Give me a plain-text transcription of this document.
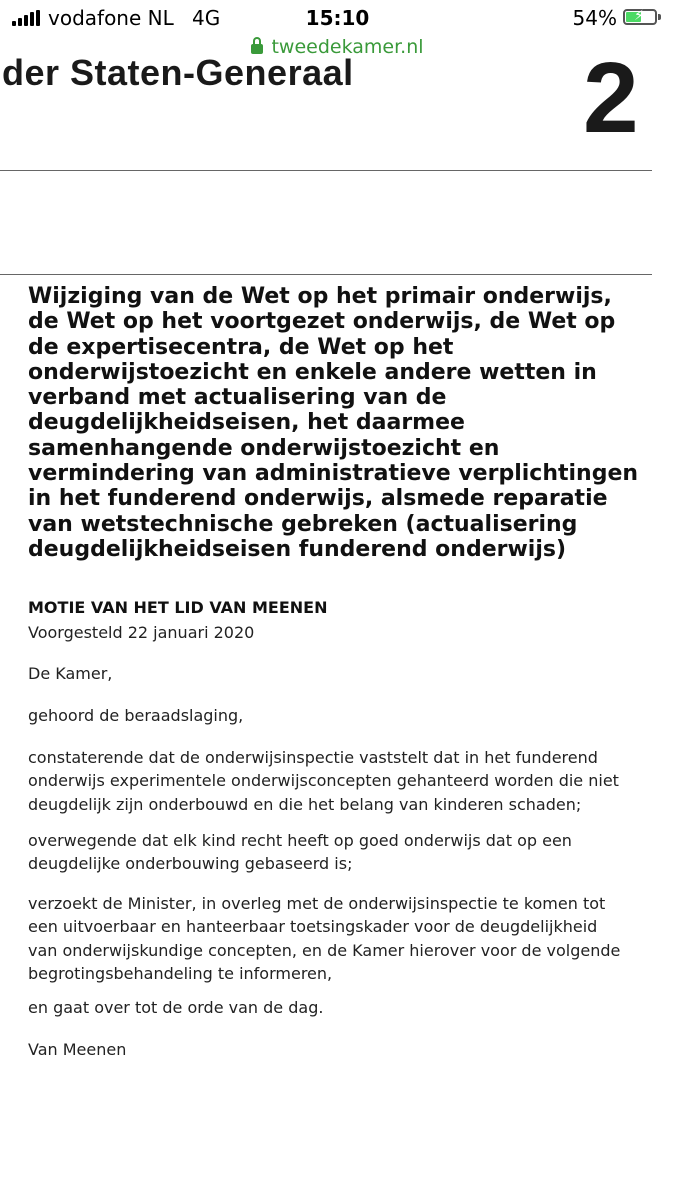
vodafone NL 4G	15:10	54% ⚡
tweedekamer.nl
der Staten-Generaal 2
Wijziging van de Wet op het primair onderwijs,
de Wet op het voortgezet onderwijs, de Wet op
de expertisecentra, de Wet op het
onderwijstoezicht en enkele andere wetten in
verband met actualisering van de
deugdelijkheidseisen, het daarmee
samenhangende onderwijstoezicht en
vermindering van administratieve verplichtingen
in het funderend onderwijs, alsmede reparatie
van wetstechnische gebreken (actualisering
deugdelijkheidseisen funderend onderwijs)
MOTIE VAN HET LID VAN MEENEN

Voorgesteld 22 januari 2020

De Kamer,

gehoord de beraadslaging,

constaterende dat de onderwijsinspectie vaststelt dat in het funderend
onderwijs experimentele onderwijsconcepten gehanteerd worden die niet
deugdelijk zijn onderbouwd en die het belang van kinderen schaden;

overwegende dat elk kind recht heeft op goed onderwijs dat op een
deugdelijke onderbouwing gebaseerd is;

verzoekt de Minister, in overleg met de onderwijsinspectie te komen tot
een uitvoerbaar en hanteerbaar toetsingskader voor de deugdelijkheid
van onderwijskundige concepten, en de Kamer hierover voor de volgende
begrotingsbehandeling te informeren,

en gaat over tot de orde van de dag.

Van Meenen
